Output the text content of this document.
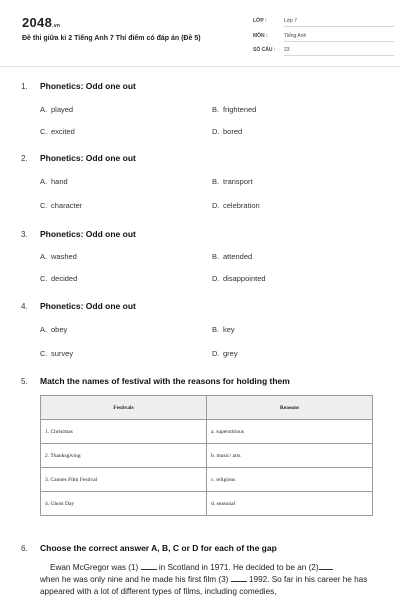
2048.vn
Đề thi giữa kì 2 Tiếng Anh 7 Thí điểm có đáp án (Đề 5)
LỚP :	Lớp 7
MÔN :	Tiếng Anh
SỐ CÂU : 23
1. Phonetics: Odd one out
A. played	B. frightened
C. excited	D. bored
2. Phonetics: Odd one out
A. hand	B. transport
C. character	D. celebration
3. Phonetics: Odd one out
A. washed	B. attended
C. decided	D. disappointed
4. Phonetics: Odd one out
A. obey	B. key
C. survey	D. grey
5. Match the names of festival with the reasons for holding them
Festivals	Reasons
1. Christmas	a. superstitious
2. Thanksgiving	b. music/ arts
3. Cannes Film Festival	c. religious
4. Ghost Day	d. seasonal
6. Choose the correct answer A, B, C or D for each of the gap
Ewan McGregor was (1)  in Scotland in 1971. He decided to be an (2)
when he was only nine and he made his first film (3)  1992. So far in his career he has appeared with a lot of different types of films, including comedies,
